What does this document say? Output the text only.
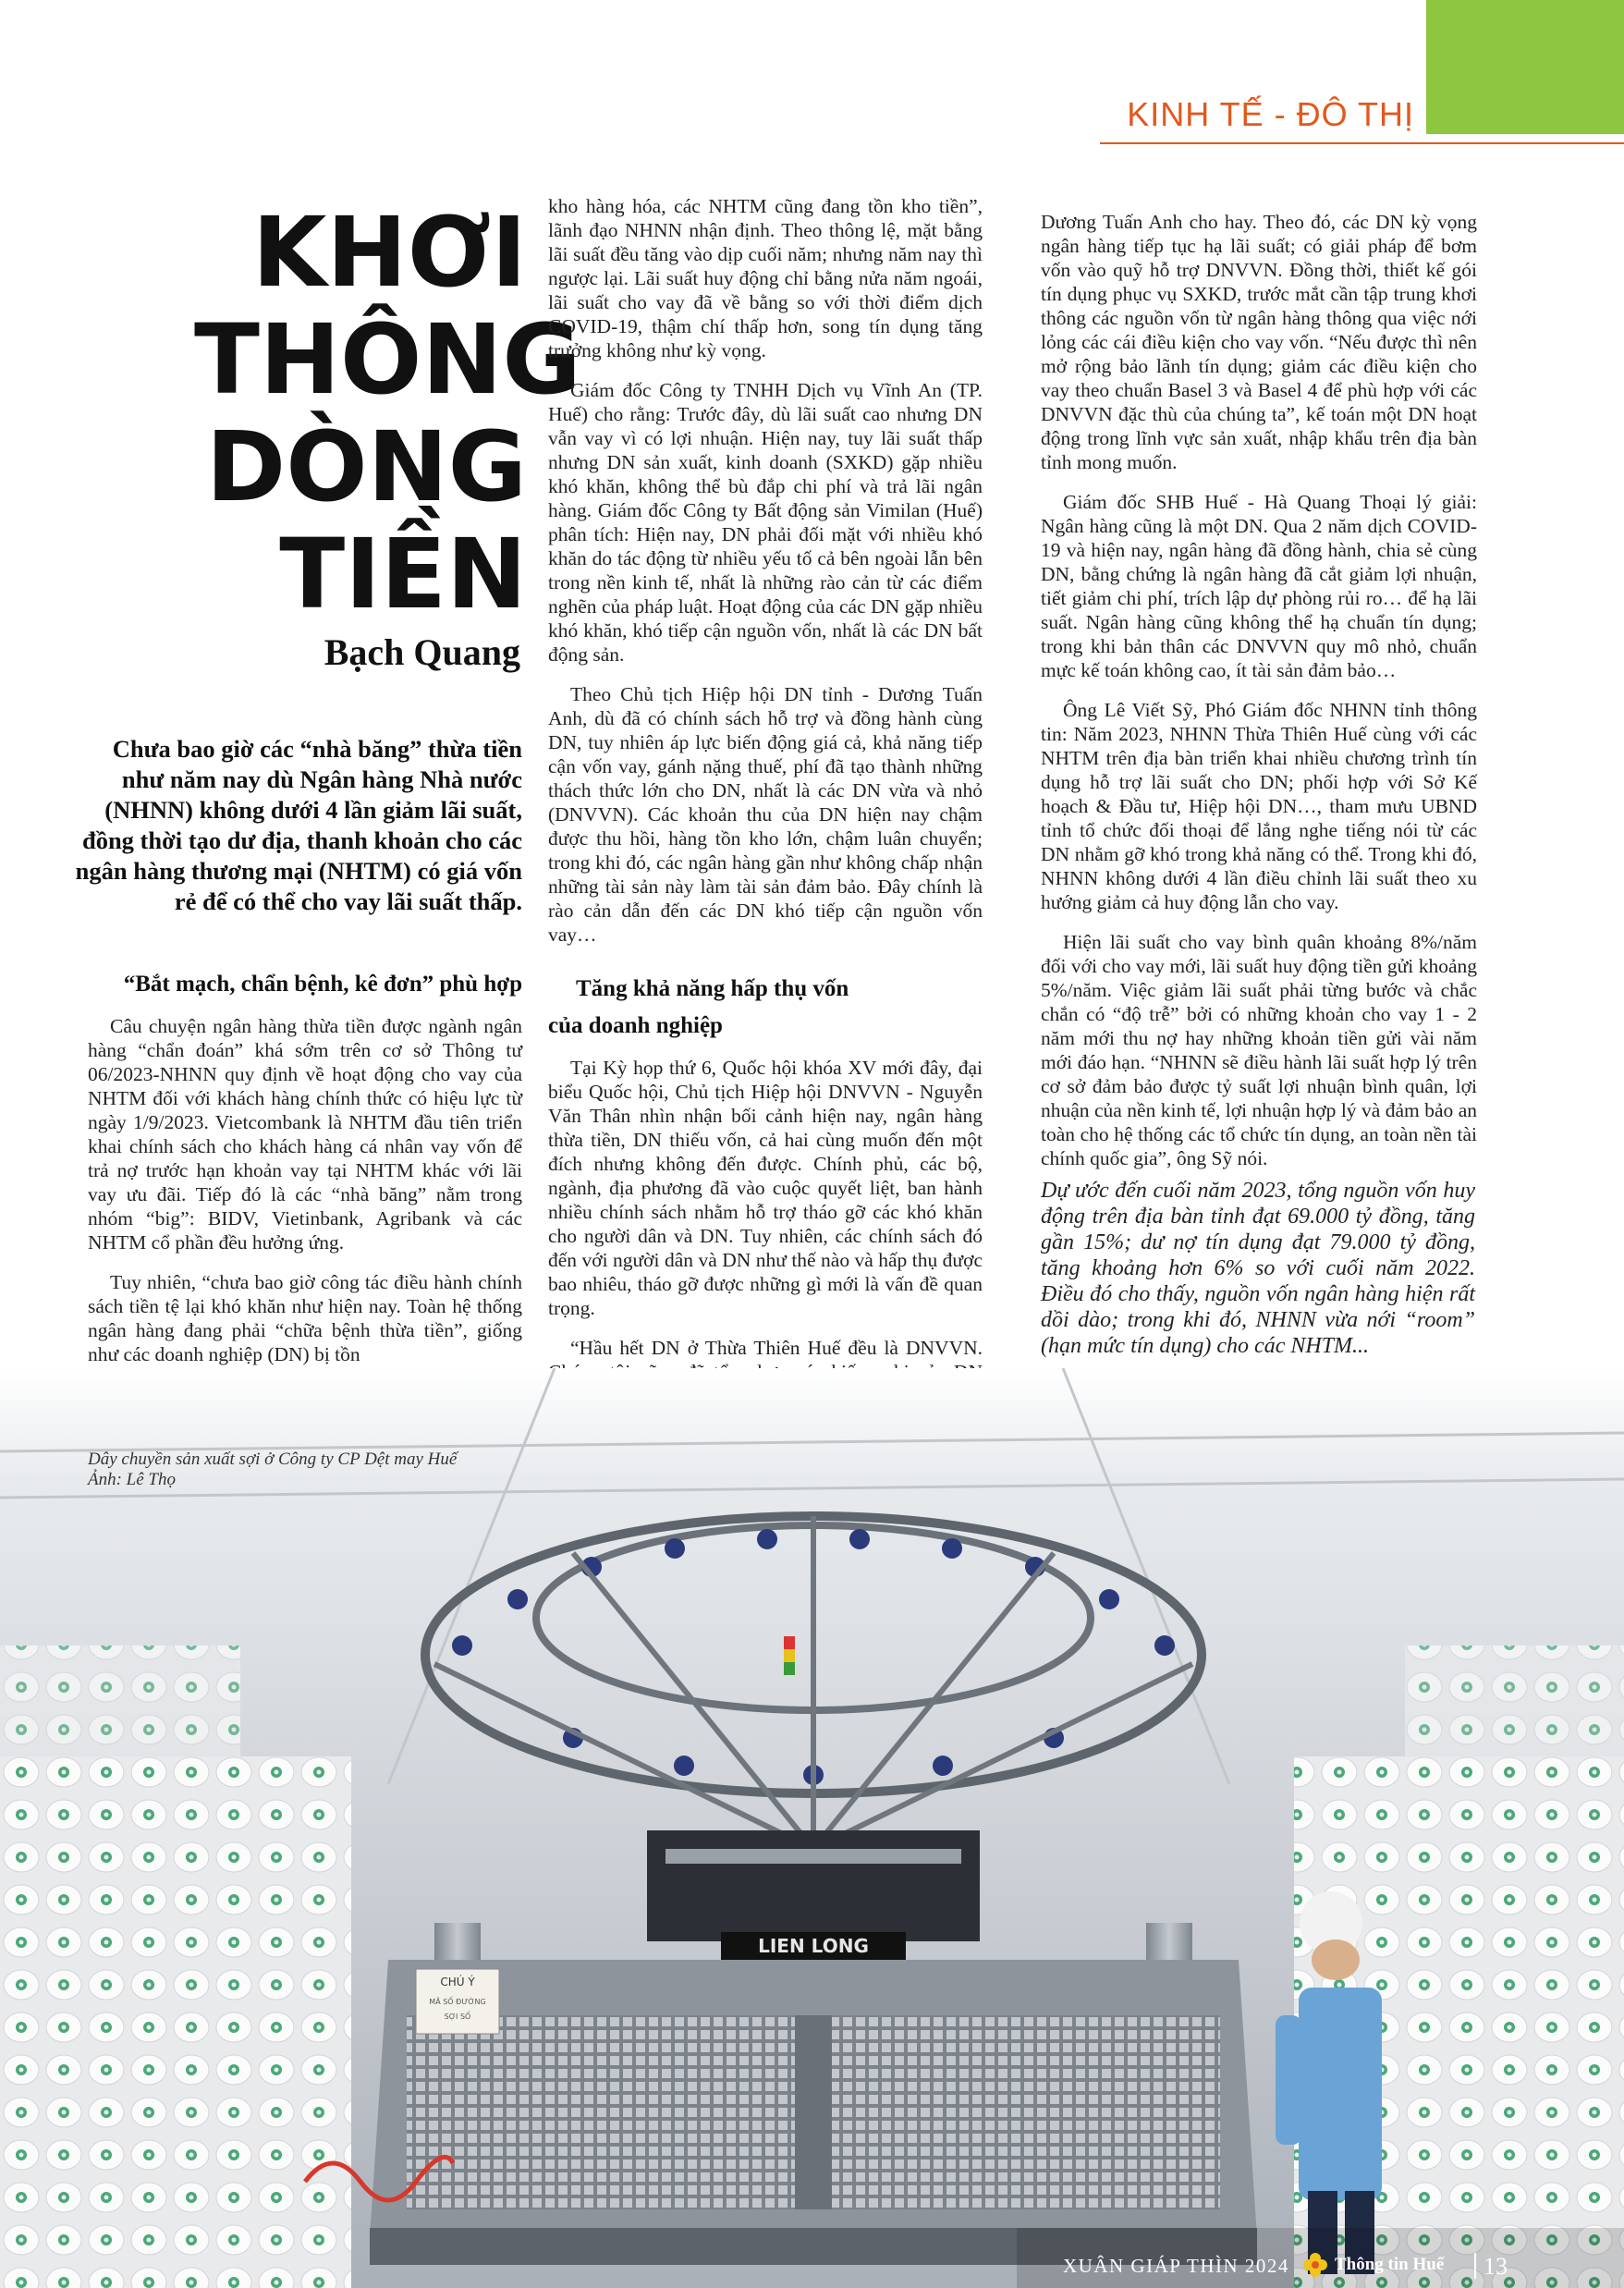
KINH TẾ - ĐÔ THỊ
KHƠI
THÔNG
DÒNG
TIỀN
Bạch Quang
Chưa bao giờ các “nhà băng” thừa tiền như năm nay dù Ngân hàng Nhà nước (NHNN) không dưới 4 lần giảm lãi suất, đồng thời tạo dư địa, thanh khoản cho các ngân hàng thương mại (NHTM) có giá vốn rẻ để có thể cho vay lãi suất thấp.
“Bắt mạch, chẩn bệnh, kê đơn” phù hợp

Câu chuyện ngân hàng thừa tiền được ngành ngân hàng “chẩn đoán” khá sớm trên cơ sở Thông tư 06/2023-NHNN quy định về hoạt động cho vay của NHTM đối với khách hàng chính thức có hiệu lực từ ngày 1/9/2023. Vietcombank là NHTM đầu tiên triển khai chính sách cho khách hàng cá nhân vay vốn để trả nợ trước hạn khoản vay tại NHTM khác với lãi vay ưu đãi. Tiếp đó là các “nhà băng” nằm trong nhóm “big”: BIDV, Vietinbank, Agribank và các NHTM cổ phần đều hưởng ứng.

Tuy nhiên, “chưa bao giờ công tác điều hành chính sách tiền tệ lại khó khăn như hiện nay. Toàn hệ thống ngân hàng đang phải “chữa bệnh thừa tiền”, giống như các doanh nghiệp (DN) bị tồn

kho hàng hóa, các NHTM cũng đang tồn kho tiền”, lãnh đạo NHNN nhận định. Theo thông lệ, mặt bằng lãi suất đều tăng vào dịp cuối năm; nhưng năm nay thì ngược lại. Lãi suất huy động chỉ bằng nửa năm ngoái, lãi suất cho vay đã về bằng so với thời điểm dịch COVID-19, thậm chí thấp hơn, song tín dụng tăng trưởng không như kỳ vọng.

Giám đốc Công ty TNHH Dịch vụ Vĩnh An (TP. Huế) cho rằng: Trước đây, dù lãi suất cao nhưng DN vẫn vay vì có lợi nhuận. Hiện nay, tuy lãi suất thấp nhưng DN sản xuất, kinh doanh (SXKD) gặp nhiều khó khăn, không thể bù đắp chi phí và trả lãi ngân hàng. Giám đốc Công ty Bất động sản Vimilan (Huế) phân tích: Hiện nay, DN phải đối mặt với nhiều khó khăn do tác động từ nhiều yếu tố cả bên ngoài lẫn bên trong nền kinh tế, nhất là những rào cản từ các điểm nghẽn của pháp luật. Hoạt động của các DN gặp nhiều khó khăn, khó tiếp cận nguồn vốn, nhất là các DN bất động sản.

Theo Chủ tịch Hiệp hội DN tỉnh - Dương Tuấn Anh, dù đã có chính sách hỗ trợ và đồng hành cùng DN, tuy nhiên áp lực biến động giá cả, khả năng tiếp cận vốn vay, gánh nặng thuế, phí đã tạo thành những thách thức lớn cho DN, nhất là các DN vừa và nhỏ (DNVVN). Các khoản thu của DN hiện nay chậm được thu hồi, hàng tồn kho lớn, chậm luân chuyển; trong khi đó, các ngân hàng gần như không chấp nhận những tài sản này làm tài sản đảm bảo. Đây chính là rào cản dẫn đến các DN khó tiếp cận nguồn vốn vay…

Tăng khả năng hấp thụ vốn
của doanh nghiệp

Tại Kỳ họp thứ 6, Quốc hội khóa XV mới đây, đại biểu Quốc hội, Chủ tịch Hiệp hội DNVVN - Nguyễn Văn Thân nhìn nhận bối cảnh hiện nay, ngân hàng thừa tiền, DN thiếu vốn, cả hai cùng muốn đến một đích nhưng không đến được. Chính phủ, các bộ, ngành, địa phương đã vào cuộc quyết liệt, ban hành nhiều chính sách nhằm hỗ trợ tháo gỡ các khó khăn cho người dân và DN. Tuy nhiên, các chính sách đó đến với người dân và DN như thế nào và hấp thụ được bao nhiêu, tháo gỡ được những gì mới là vấn đề quan trọng.

“Hầu hết DN ở Thừa Thiên Huế đều là DNVVN.

Dương Tuấn Anh cho hay. Theo đó, các DN kỳ vọng ngân hàng tiếp tục hạ lãi suất; có giải pháp để bơm vốn vào quỹ hỗ trợ DNVVN. Đồng thời, thiết kế gói tín dụng phục vụ SXKD, trước mắt cần tập trung khơi thông các nguồn vốn từ ngân hàng thông qua việc nới lỏng các cái điều kiện cho vay vốn. “Nếu được thì nên mở rộng bảo lãnh tín dụng; giảm các điều kiện cho vay theo chuẩn Basel 3 và Basel 4 để phù hợp với các DNVVN đặc thù của chúng ta”, kế toán một DN hoạt động trong lĩnh vực sản xuất, nhập khẩu trên địa bàn tỉnh mong muốn.

Giám đốc SHB Huế - Hà Quang Thoại lý giải: Ngân hàng cũng là một DN. Qua 2 năm dịch COVID-19 và hiện nay, ngân hàng đã đồng hành, chia sẻ cùng DN, bằng chứng là ngân hàng đã cắt giảm lợi nhuận, tiết giảm chi phí, trích lập dự phòng rủi ro… để hạ lãi suất. Ngân hàng cũng không thể hạ chuẩn tín dụng; trong khi bản thân các DNVVN quy mô nhỏ, chuẩn mực kế toán không cao, ít tài sản đảm bảo…

Ông Lê Viết Sỹ, Phó Giám đốc NHNN tỉnh thông tin: Năm 2023, NHNN Thừa Thiên Huế cùng với các NHTM trên địa bàn triển khai nhiều chương trình tín dụng hỗ trợ lãi suất cho DN; phối hợp với Sở Kế hoạch & Đầu tư, Hiệp hội DN…, tham mưu UBND tỉnh tổ chức đối thoại để lắng nghe tiếng nói từ các DN nhằm gỡ khó trong khả năng có thể. Trong khi đó, NHNN không dưới 4 lần điều chỉnh lãi suất theo xu hướng giảm cả huy động lẫn cho vay.

Hiện lãi suất cho vay bình quân khoảng 8%/năm đối với cho vay mới, lãi suất huy động tiền gửi khoảng 5%/năm. Việc giảm lãi suất phải từng bước và chắc chắn có “độ trễ” bởi có những khoản cho vay 1 - 2 năm mới thu nợ hay những khoản tiền gửi vài năm mới đáo hạn. “NHNN sẽ điều hành lãi suất hợp lý trên cơ sở đảm bảo được tỷ suất lợi nhuận bình quân, lợi nhuận của nền kinh tế, lợi nhuận hợp lý và đảm bảo an toàn cho hệ thống các tổ chức tín dụng, an toàn nền tài chính quốc gia”, ông Sỹ nói.

Dự ước đến cuối năm 2023, tổng nguồn vốn huy động trên địa bàn tỉnh đạt 69.000 tỷ đồng, tăng gần 15%; dư nợ tín dụng đạt 79.000 tỷ đồng, tăng khoảng hơn 6% so với cuối năm 2022. Điều đó cho thấy, nguồn vốn ngân hàng hiện rất dồi dào; trong khi đó, NHNN vừa nới “room” (hạn mức tín dụng) cho các NHTM...
LIEN LONG
CHÚ Ý
MÃ SỐ ĐƯỜNG
SỢI SỐ
Dây chuyền sản xuất sợi ở Công ty CP Dệt may Huế
Ảnh: Lê Thọ
XUÂN GIÁP THÌN 2024	Thông tin Huế 13
